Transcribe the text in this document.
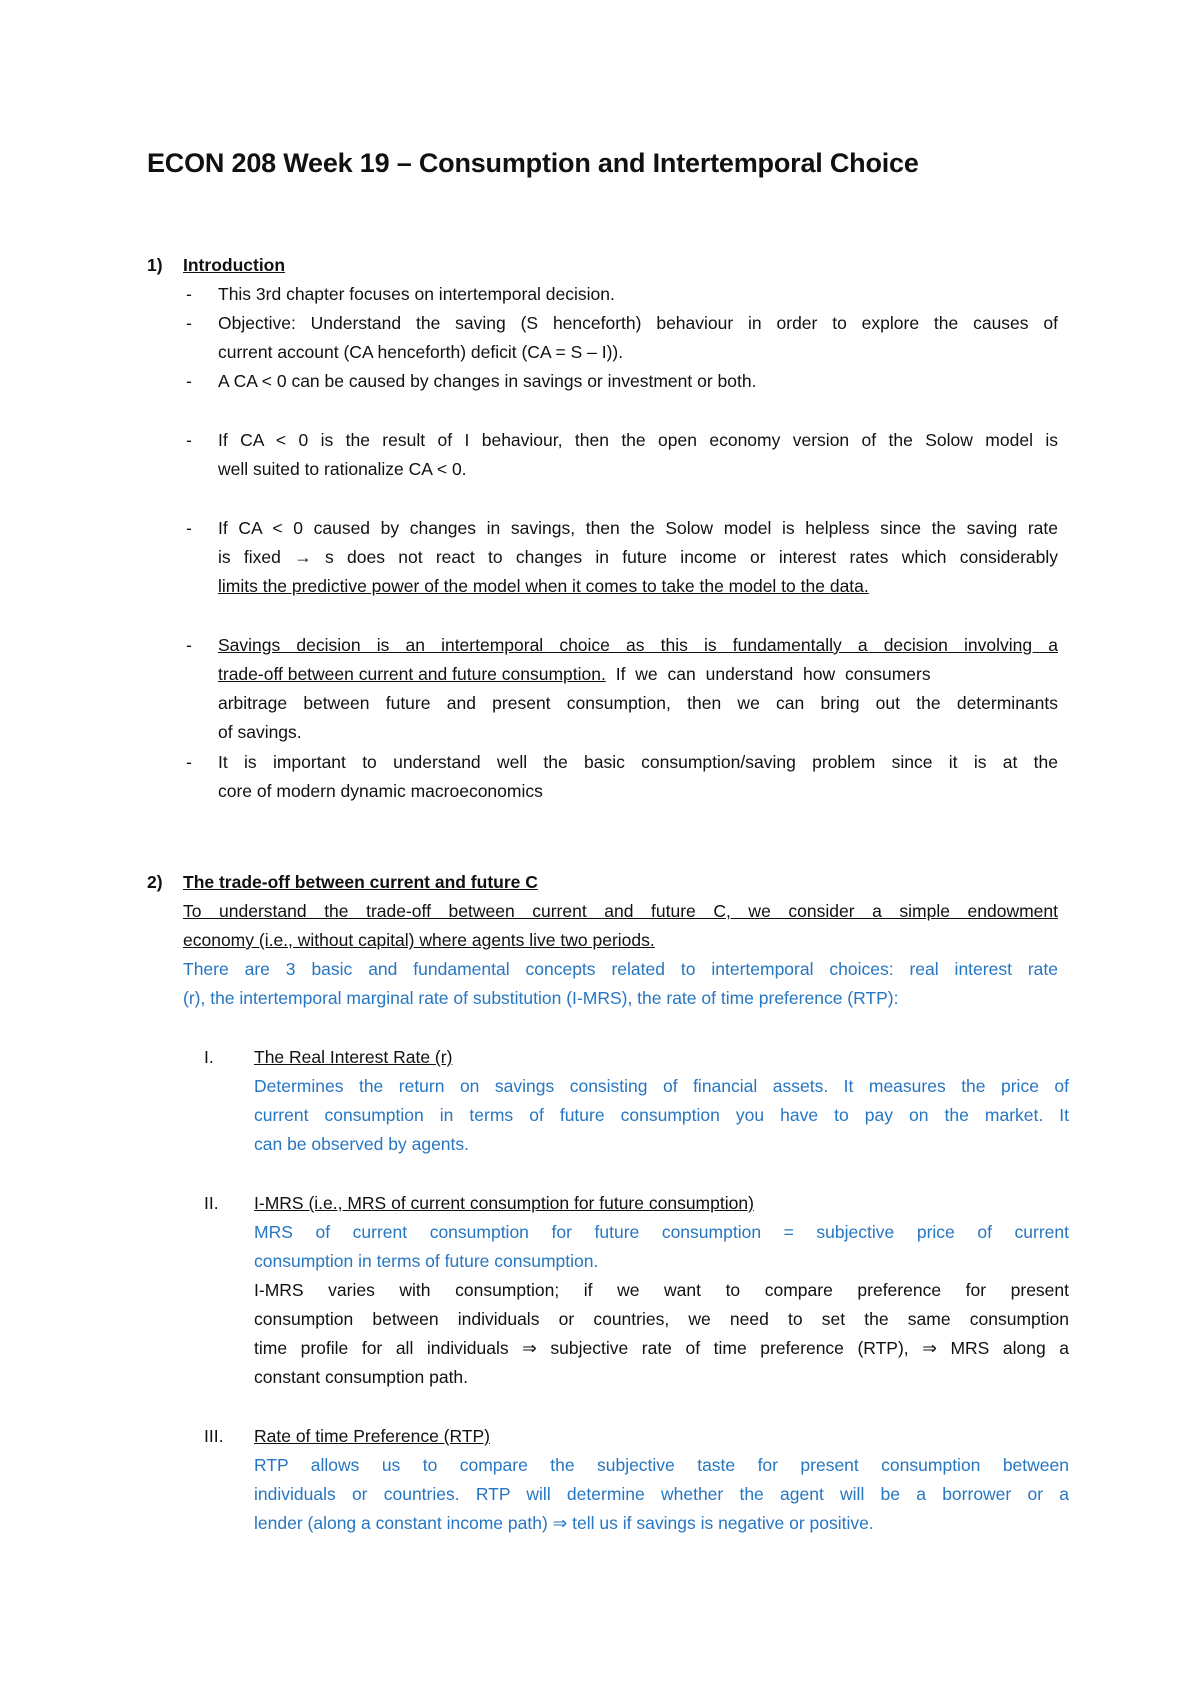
ECON 208 Week 19 – Consumption and Intertemporal Choice
1) Introduction
- This 3rd chapter focuses on intertemporal decision.
- Objective: Understand the saving (S henceforth) behaviour in order to explore the causes of
current account (CA henceforth) deficit (CA = S – I)).
- A CA < 0 can be caused by changes in savings or investment or both.
- If CA < 0 is the result of I behaviour, then the open economy version of the Solow model is
well suited to rationalize CA < 0.
- If CA < 0 caused by changes in savings, then the Solow model is helpless since the saving rate
is fixed → s does not react to changes in future income or interest rates which considerably
limits the predictive power of the model when it comes to take the model to the data.
- Savings decision is an intertemporal choice as this is fundamentally a decision involving a
trade-off between current and future consumption. If we can understand how consumers
arbitrage between future and present consumption, then we can bring out the determinants
of savings.
- It is important to understand well the basic consumption/saving problem since it is at the
core of modern dynamic macroeconomics
2) The trade-off between current and future C
To understand the trade-off between current and future C, we consider a simple endowment
economy (i.e., without capital) where agents live two periods.
There are 3 basic and fundamental concepts related to intertemporal choices: real interest rate
(r), the intertemporal marginal rate of substitution (I-MRS), the rate of time preference (RTP):
I. The Real Interest Rate (r)
Determines the return on savings consisting of financial assets. It measures the price of
current consumption in terms of future consumption you have to pay on the market. It
can be observed by agents.
II. I-MRS (i.e., MRS of current consumption for future consumption)
MRS of current consumption for future consumption = subjective price of current
consumption in terms of future consumption.
I-MRS varies with consumption; if we want to compare preference for present
consumption between individuals or countries, we need to set the same consumption
time profile for all individuals ⇒ subjective rate of time preference (RTP), ⇒ MRS along a
constant consumption path.
III. Rate of time Preference (RTP)
RTP allows us to compare the subjective taste for present consumption between
individuals or countries. RTP will determine whether the agent will be a borrower or a
lender (along a constant income path) ⇒ tell us if savings is negative or positive.
